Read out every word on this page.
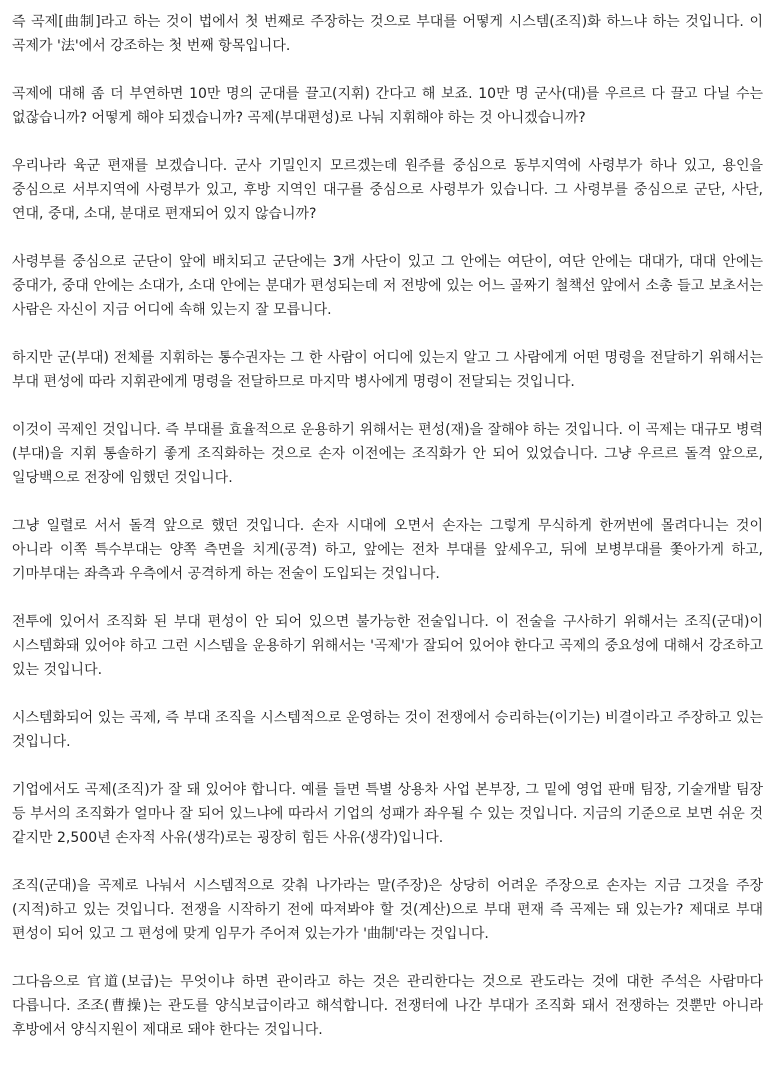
즉 곡제[曲制]라고 하는 것이 법에서 첫 번째로 주장하는 것으로 부대를 어떻게 시스템(조직)화 하느냐 하는 것입니다. 이 곡제가 '法'에서 강조하는 첫 번째 항목입니다.

곡제에 대해 좀 더 부연하면 10만 명의 군대를 끌고(지휘) 간다고 해 보죠. 10만 명 군사(대)를 우르르 다 끌고 다닐 수는 없잖습니까? 어떻게 해야 되겠습니까? 곡제(부대편성)로 나눠 지휘해야 하는 것 아니겠습니까?

우리나라 육군 편재를 보겠습니다. 군사 기밀인지 모르겠는데 원주를 중심으로 동부지역에 사령부가 하나 있고, 용인을 중심으로 서부지역에 사령부가 있고, 후방 지역인 대구를 중심으로 사령부가 있습니다. 그 사령부를 중심으로 군단, 사단, 연대, 중대, 소대, 분대로 편재되어 있지 않습니까?

사령부를 중심으로 군단이 앞에 배치되고 군단에는 3개 사단이 있고 그 안에는 여단이, 여단 안에는 대대가, 대대 안에는 중대가, 중대 안에는 소대가, 소대 안에는 분대가 편성되는데 저 전방에 있는 어느 골짜기 철책선 앞에서 소총 들고 보초서는 사람은 자신이 지금 어디에 속해 있는지 잘 모릅니다.

하지만 군(부대) 전체를 지휘하는 통수권자는 그 한 사람이 어디에 있는지 알고 그 사람에게 어떤 명령을 전달하기 위해서는 부대 편성에 따라 지휘관에게 명령을 전달하므로 마지막 병사에게 명령이 전달되는 것입니다.

이것이 곡제인 것입니다. 즉 부대를 효율적으로 운용하기 위해서는 편성(재)을 잘해야 하는 것입니다. 이 곡제는 대규모 병력(부대)을 지휘 통솔하기 좋게 조직화하는 것으로 손자 이전에는 조직화가 안 되어 있었습니다. 그냥 우르르 돌격 앞으로, 일당백으로 전장에 임했던 것입니다.

그냥 일렬로 서서 돌격 앞으로 했던 것입니다. 손자 시대에 오면서 손자는 그렇게 무식하게 한꺼번에 몰려다니는 것이 아니라 이쪽 특수부대는 양쪽 측면을 치게(공격) 하고, 앞에는 전차 부대를 앞세우고, 뒤에 보병부대를 쫓아가게 하고, 기마부대는 좌측과 우측에서 공격하게 하는 전술이 도입되는 것입니다.

전투에 있어서 조직화 된 부대 편성이 안 되어 있으면 불가능한 전술입니다. 이 전술을 구사하기 위해서는 조직(군대)이 시스템화돼 있어야 하고 그런 시스템을 운용하기 위해서는 '곡제'가 잘되어 있어야 한다고 곡제의 중요성에 대해서 강조하고 있는 것입니다.

시스템화되어 있는 곡제, 즉 부대 조직을 시스템적으로 운영하는 것이 전쟁에서 승리하는(이기는) 비결이라고 주장하고 있는 것입니다.

기업에서도 곡제(조직)가 잘 돼 있어야 합니다. 예를 들면 특별 상용차 사업 본부장, 그 밑에 영업 판매 팀장, 기술개발 팀장 등 부서의 조직화가 얼마나 잘 되어 있느냐에 따라서 기업의 성패가 좌우될 수 있는 것입니다. 지금의 기준으로 보면 쉬운 것 같지만 2,500년 손자적 사유(생각)로는 굉장히 힘든 사유(생각)입니다.

조직(군대)을 곡제로 나눠서 시스템적으로 갖춰 나가라는 말(주장)은 상당히 어려운 주장으로 손자는 지금 그것을 주장(지적)하고 있는 것입니다. 전쟁을 시작하기 전에 따져봐야 할 것(계산)으로 부대 편재 즉 곡제는 돼 있는가? 제대로 부대 편성이 되어 있고 그 편성에 맞게 임무가 주어져 있는가가 '曲制'라는 것입니다.

그다음으로 官道(보급)는 무엇이냐 하면 관이라고 하는 것은 관리한다는 것으로 관도라는 것에 대한 주석은 사람마다 다릅니다. 조조(曹操)는 관도를 양식보급이라고 해석합니다. 전쟁터에 나간 부대가 조직화 돼서 전쟁하는 것뿐만 아니라 후방에서 양식지원이 제대로 돼야 한다는 것입니다.
